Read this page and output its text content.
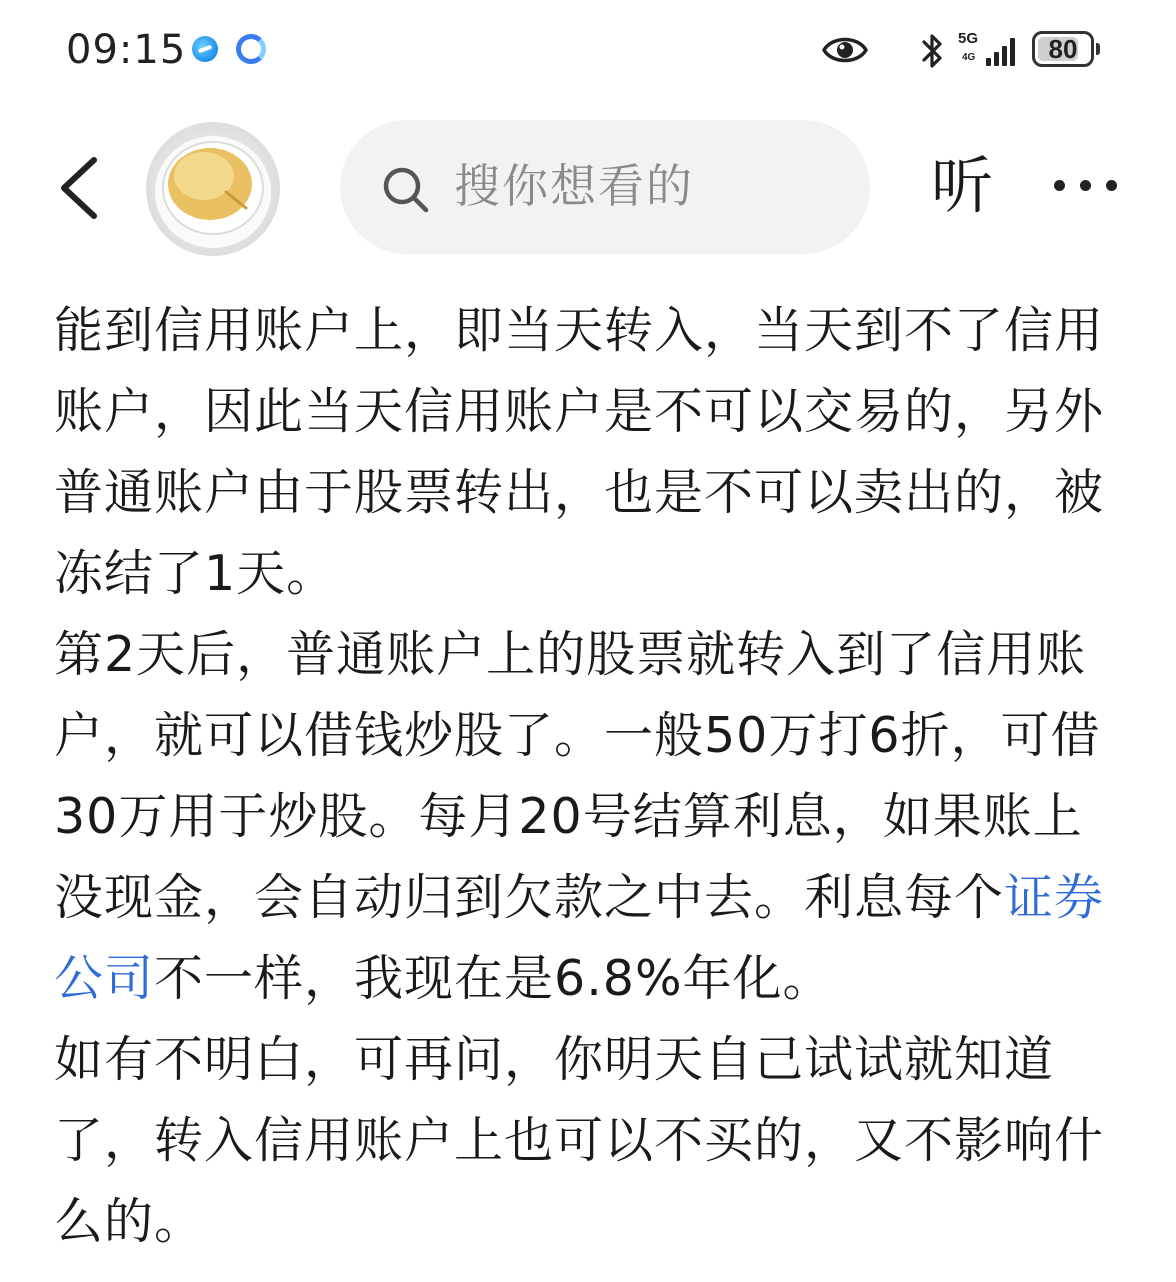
09:15	5G
4G	80
搜你想看的	听

能到信用账户上，即当天转入，当天到不了信用账户，因此当天信用账户是不可以交易的，另外普通账户由于股票转出，也是不可以卖出的，被冻结了1天。

第2天后，普通账户上的股票就转入到了信用账户，就可以借钱炒股了。一般50万打6折，可借30万用于炒股。每月20号结算利息，如果账上没现金，会自动归到欠款之中去。利息每个证券公司不一样，我现在是6.8%年化。

如有不明白，可再问，你明天自己试试就知道了，转入信用账户上也可以不买的，又不影响什么的。
